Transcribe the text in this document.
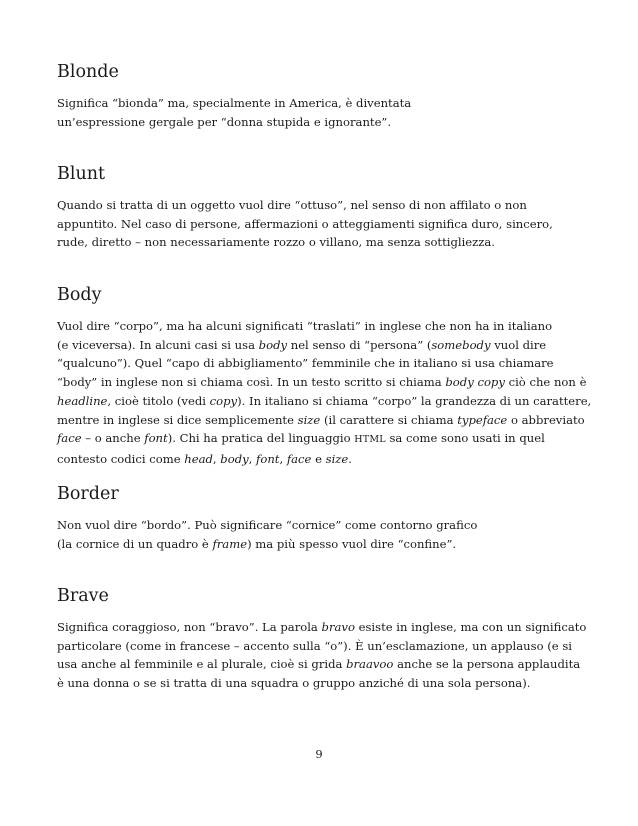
Blonde

Significa “bionda” ma, specialmente in America, è diventata
un’espressione gergale per “donna stupida e ignorante”.

Blunt

Quando si tratta di un oggetto vuol dire “ottuso”, nel senso di non affilato o non
appuntito. Nel caso di persone, affermazioni o atteggiamenti significa duro, sincero,
rude, diretto – non necessariamente rozzo o villano, ma senza sottigliezza.

Body

Vuol dire “corpo”, ma ha alcuni significati “traslati” in inglese che non ha in italiano
(e viceversa). In alcuni casi si usa body nel senso di “persona” (somebody vuol dire
“qualcuno”). Quel “capo di abbigliamento” femminile che in italiano si usa chiamare
“body” in inglese non si chiama così. In un testo scritto si chiama body copy ciò che non è
headline, cioè titolo (vedi copy). In italiano si chiama “corpo” la grandezza di un carattere,
mentre in inglese si dice semplicemente size (il carattere si chiama typeface o abbreviato
face – o anche font). Chi ha pratica del linguaggio HTML sa come sono usati in quel
contesto codici come head, body, font, face e size.

Border

Non vuol dire “bordo”. Può significare “cornice” come contorno grafico
(la cornice di un quadro è frame) ma più spesso vuol dire “confine”.

Brave

Significa coraggioso, non “bravo”. La parola bravo esiste in inglese, ma con un significato
particolare (come in francese – accento sulla “o”). È un’esclamazione, un applauso (e si
usa anche al femminile e al plurale, cioè si grida braavoo anche se la persona applaudita
è una donna o se si tratta di una squadra o gruppo anziché di una sola persona).

9
